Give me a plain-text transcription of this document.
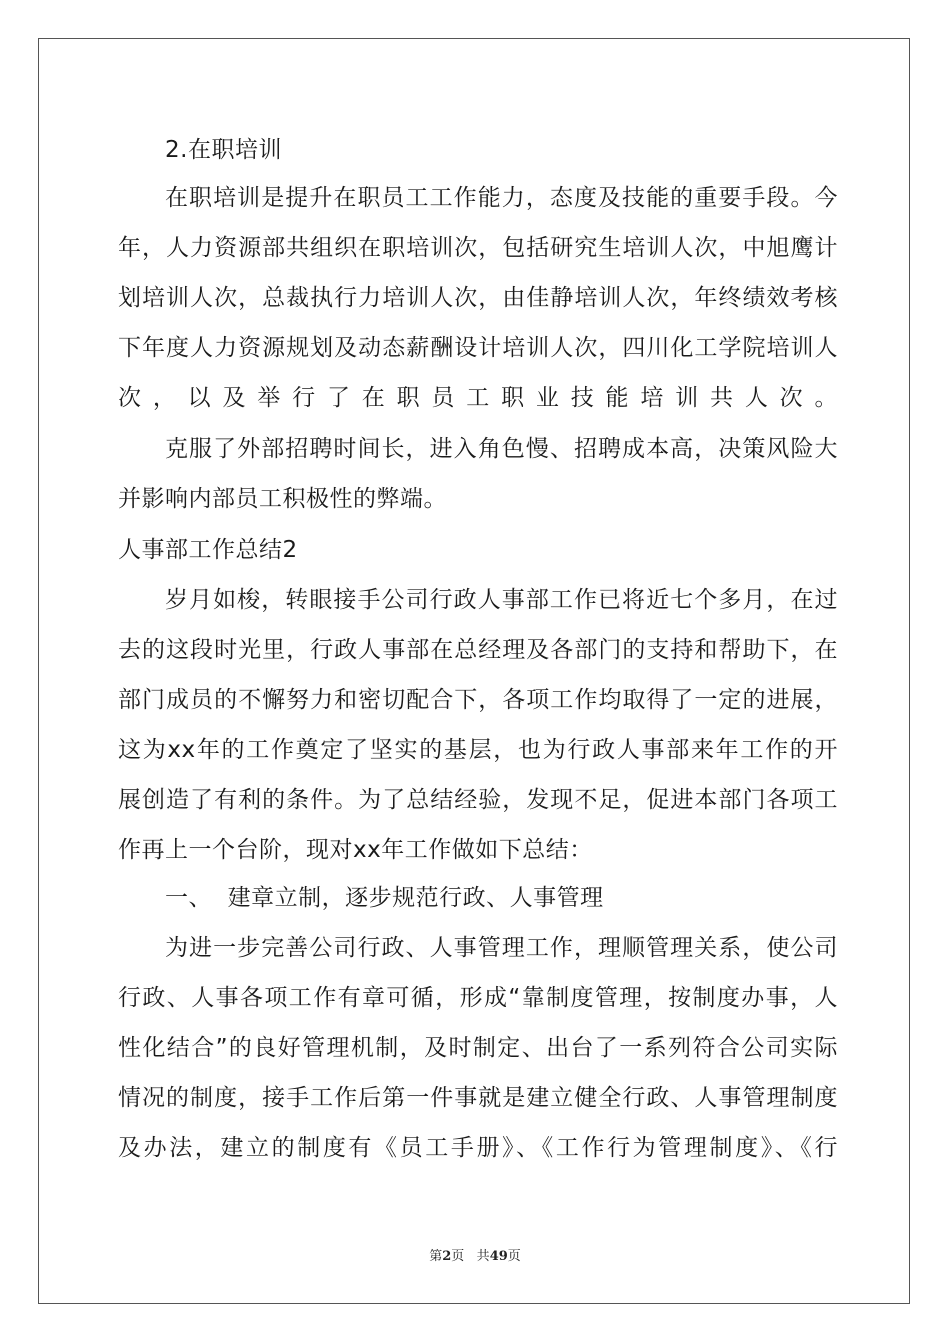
2.在职培训
在职培训是提升在职员工工作能力，态度及技能的重要手段。今
年，人力资源部共组织在职培训次，包括研究生培训人次，中旭鹰计
划培训人次，总裁执行力培训人次，由佳静培训人次，年终绩效考核
下年度人力资源规划及动态薪酬设计培训人次，四川化工学院培训人
次，以及举行了在职员工职业技能培训共人次。
克服了外部招聘时间长，进入角色慢、招聘成本高，决策风险大
并影响内部员工积极性的弊端。
人事部工作总结2
岁月如梭，转眼接手公司行政人事部工作已将近七个多月，在过
去的这段时光里，行政人事部在总经理及各部门的支持和帮助下，在
部门成员的不懈努力和密切配合下，各项工作均取得了一定的进展，
这为xx年的工作奠定了坚实的基层，也为行政人事部来年工作的开
展创造了有利的条件。为了总结经验，发现不足，促进本部门各项工
作再上一个台阶，现对xx年工作做如下总结：
一、  建章立制，逐步规范行政、人事管理
为进一步完善公司行政、人事管理工作，理顺管理关系，使公司
行政、人事各项工作有章可循，形成“靠制度管理，按制度办事，人
性化结合”的良好管理机制，及时制定、出台了一系列符合公司实际
情况的制度，接手工作后第一件事就是建立健全行政、人事管理制度
及办法，建立的制度有《员工手册》、《工作行为管理制度》、《行
第2页 共49页
